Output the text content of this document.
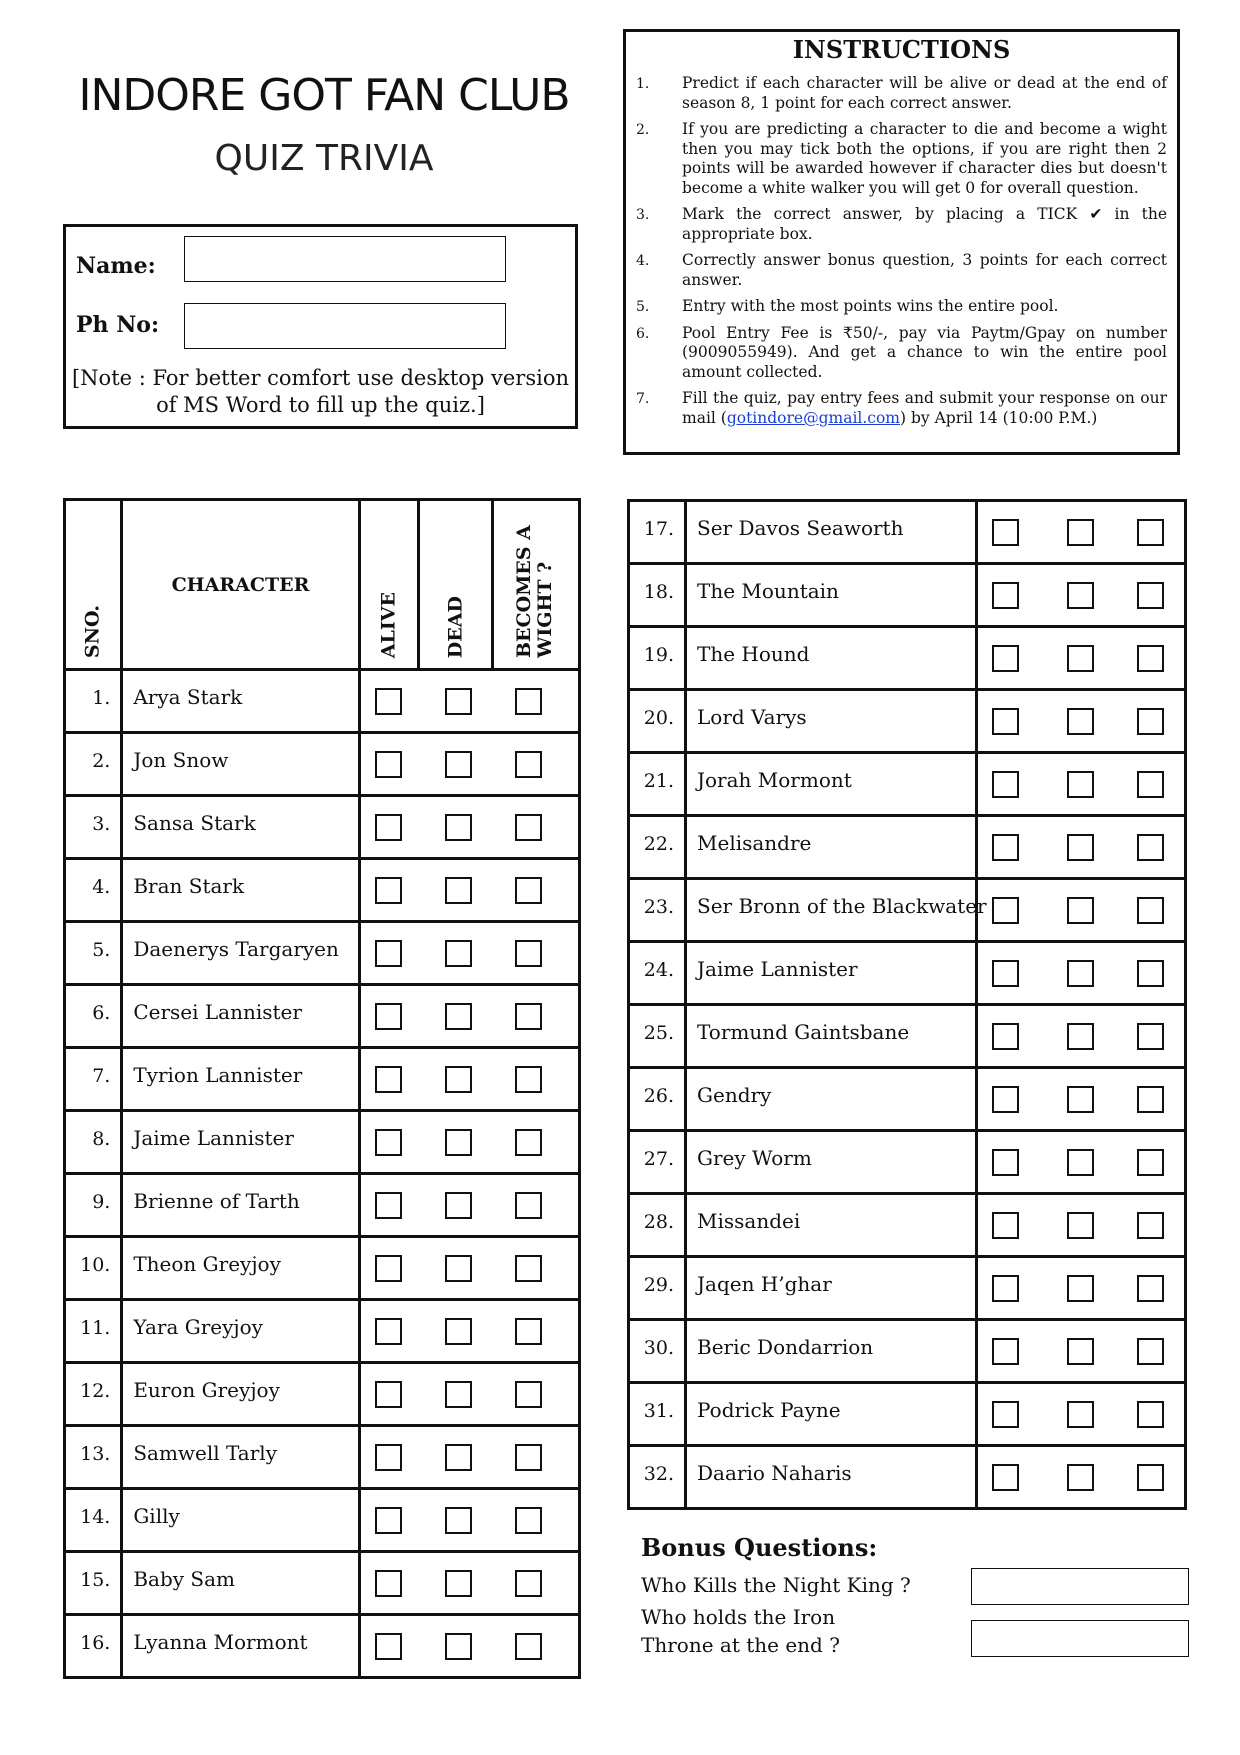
INDORE GOT FAN CLUB
QUIZ TRIVIA
Name:
Ph No:
[Note : For better comfort use desktop version of MS Word to fill up the quiz.]
INSTRUCTIONS
1. Predict if each character will be alive or dead at the end of season 8, 1 point for each correct answer.
2. If you are predicting a character to die and become a wight then you may tick both the options, if you are right then 2 points will be awarded however if character dies but doesn't become a white walker you will get 0 for overall question.
3. Mark the correct answer, by placing a TICK ✔ in the appropriate box.
4. Correctly answer bonus question, 3 points for each correct answer.
5. Entry with the most points wins the entire pool.
6. Pool Entry Fee is ₹50/-, pay via Paytm/Gpay on number (9009055949). And get a chance to win the entire pool amount collected.
7. Fill the quiz, pay entry fees and submit your response on our mail (gotindore@gmail.com) by April 14 (10:00 P.M.)
SNO.	CHARACTER	ALIVE	DEAD	BECOMES A WIGHT ?

1.	Arya Stark			

2.	Jon Snow			

3.	Sansa Stark			

4.	Bran Stark			

5.	Daenerys Targaryen			

6.	Cersei Lannister			

7.	Tyrion Lannister			

8.	Jaime Lannister			

9.	Brienne of Tarth			

10.	Theon Greyjoy			

11.	Yara Greyjoy			

12.	Euron Greyjoy			

13.	Samwell Tarly			

14.	Gilly			

15.	Baby Sam			

16.	Lyanna Mormont			
17.	Ser Davos Seaworth	

18.	The Mountain	

19.	The Hound	

20.	Lord Varys	

21.	Jorah Mormont	

22.	Melisandre	

23.	Ser Bronn of the Blackwater	

24.	Jaime Lannister	

25.	Tormund Gaintsbane	

26.	Gendry	

27.	Grey Worm	

28.	Missandei	

29.	Jaqen H’ghar	

30.	Beric Dondarrion	

31.	Podrick Payne	

32.	Daario Naharis	
Bonus Questions:
Who Kills the Night King ?
Who holds the Iron
Throne at the end ?
